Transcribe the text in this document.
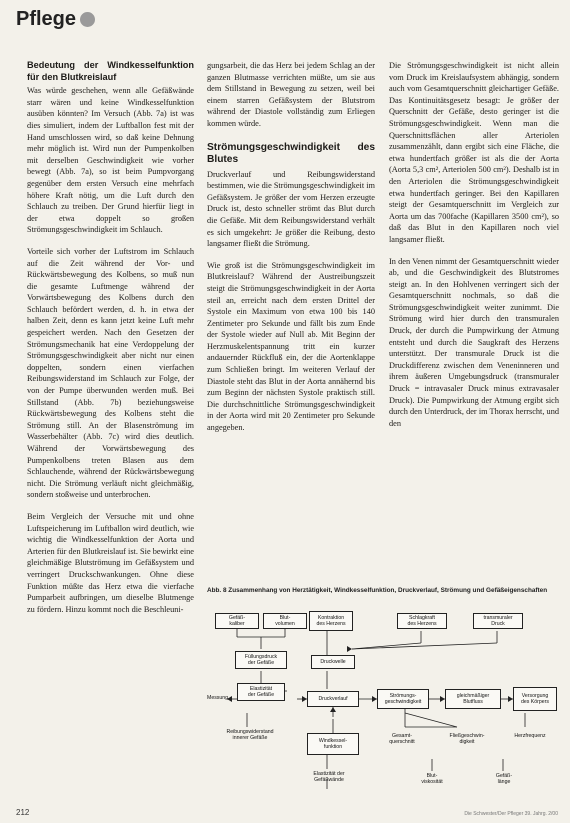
Pflege
Bedeutung der Windkesselfunktion für den Blutkreislauf

Was würde geschehen, wenn alle Gefäßwände starr wären und keine Windkesselfunktion ausüben könnten? Im Versuch (Abb. 7a) ist was dies simuliert, indem der Luftballon fest mit der Hand umschlossen wird, so daß keine Dehnung mehr möglich ist. Wird nun der Pumpenkolben mit derselben Geschwindigkeit wie vorher bewegt (Abb. 7a), so ist beim Pumpvorgang gegenüber dem ersten Versuch eine mehrfach höhere Kraft nötig, um die Luft durch den Schlauch zu treiben. Der Grund hierfür liegt in der etwa doppelt so großen Strömungsgeschwindigkeit im Schlauch.

Vorteile sich vorher der Luftstrom im Schlauch auf die Zeit während der Vor- und Rückwärtsbewegung des Kolbens, so muß nun die gesamte Luftmenge während der Vorwärtsbewegung des Kolbens durch den Schlauch befördert werden, d. h. in etwa der halben Zeit, denn es kann jetzt keine Luft mehr gespeichert werden. Nach den Gesetzen der Strömungsmechanik hat eine Verdoppelung der Strömungsgeschwindigkeit aber nicht nur einen doppelten, sondern einen vierfachen Reibungswiderstand im Schlauch zur Folge, der von der Pumpe überwunden werden muß. Bei Stillstand (Abb. 7b) beziehungsweise Rückwärtsbewegung des Kolbens steht die Strömung still. An der Blasenströmung im Wasserbehälter (Abb. 7c) wird dies deutlich. Während der Vorwärtsbewegung des Pumpenkolbens treten Blasen aus dem Schlauchende, während der Rückwärtsbewegung nicht. Die Strömung verläuft nicht gleichmäßig, sondern stoßweise und unterbrochen.

Beim Vergleich der Versuche mit und ohne Luftspeicherung im Luftballon wird deutlich, wie wichtig die Windkesselfunktion der Aorta und Arterien für den Blutkreislauf ist. Sie bewirkt eine gleichmäßige Blutströmung im Gefäßsystem und verringert Druckschwankungen. Ohne diese Funktion müßte das Herz etwa die vierfache Pumparbeit aufbringen, um dieselbe Blutmenge zu fördern. Hinzu kommt noch die Beschleuni-

gungsarbeit, die das Herz bei jedem Schlag an der ganzen Blutmasse verrichten müßte, um sie aus dem Stillstand in Bewegung zu setzen, weil bei einem starren Gefäßsystem der Blutstrom während der Diastole vollständig zum Erliegen kommen würde.

Strömungsgeschwindigkeit des Blutes

Druckverlauf und Reibungswiderstand bestimmen, wie die Strömungsgeschwindigkeit im Gefäßsystem. Je größer der vom Herzen erzeugte Druck ist, desto schneller strömt das Blut durch die Gefäße. Mit dem Reibungswiderstand verhält es sich umgekehrt: Je größer die Reibung, desto langsamer fließt die Strömung.

Wie groß ist die Strömungsgeschwindigkeit im Blutkreislauf? Während der Austreibungszeit steigt die Strömungsgeschwindigkeit in der Aorta steil an, erreicht nach dem ersten Drittel der Systole ein Maximum von etwa 100 bis 140 Zentimeter pro Sekunde und fällt bis zum Ende der Systole wieder auf Null ab. Mit Beginn der Herzmuskelentspannung tritt ein kurzer andauernder Rückfluß ein, der die Aortenklappe zum Schließen bringt. Im weiteren Verlauf der Diastole steht das Blut in der Aorta annähernd bis zum Beginn der nächsten Systole praktisch still. Die durchschnittliche Strömungsgeschwindigkeit in der Aorta wird mit 20 Zentimeter pro Sekunde angegeben.

Die Strömungsgeschwindigkeit ist nicht allein vom Druck im Kreislaufsystem abhängig, sondern auch vom Gesamtquerschnitt gleichartiger Gefäße. Das Kontinuitätsgesetz besagt: Je größer der Querschnitt der Gefäße, desto geringer ist die Strömungsgeschwindigkeit. Wenn man die Querschnittsflächen aller Arteriolen zusammenzählt, dann ergibt sich eine Fläche, die etwa hundertfach größer ist als die der Aorta (Aorta 5,3 cm², Arteriolen 500 cm²). Deshalb ist in den Arteriolen die Strömungsgeschwindigkeit etwa hundertfach geringer. Bei den Kapillaren steigt der Gesamtquerschnitt im Vergleich zur Aorta um das 700fache (Kapillaren 3500 cm²), so daß das Blut in den Kapillaren noch viel langsamer fließt.

In den Venen nimmt der Gesamtquerschnitt wieder ab, und die Geschwindigkeit des Blutstromes steigt an. In den Hohlvenen verringert sich der Gesamtquerschnitt nochmals, so daß die Strömungsgeschwindigkeit weiter zunimmt. Die Strömung wird hier durch den transmuralen Druck, der durch die Pumpwirkung der Atmung entsteht und durch die Saugkraft des Herzens unterstützt. Der transmurale Druck ist die Druckdifferenz zwischen dem Veneninneren und ihrem äußeren Umgebungsdruck (transmuraler Druck = intravasaler Druck minus extravasaler Druck). Die Pumpwirkung der Atmung ergibt sich durch den Unterdruck, der im Thorax herrscht, und den

Abb. 8 Zusammenhang von Herztätigkeit, Windkesselfunktion, Druckverlauf, Strömung und Gefäßeigenschaften

Gefäß-
kaliber
Blut-
volumen
Kontraktion
des Herzens
Schlagkraft
des Herzens
transmuraler
Druck
Füllungsdruck
der Gefäße	Druckwelle
Elastizität
der Gefäße
Messung	Druckverlauf
Strömungs-
geschwindigkeit
gleichmäßiger
Blutfluss
Versorgung
des Körpers
Reibungswiderstand
innerer Gefäße	Windkessel-
funktion
Gesamt-
querschnitt
Fließgeschwin-
digkeit
Herzfrequenz
Elastizität der
Gefäßwände
Blut-
viskosität
Gefäß-
länge
212	Die Schwester/Der Pfleger 39. Jahrg. 2/00
